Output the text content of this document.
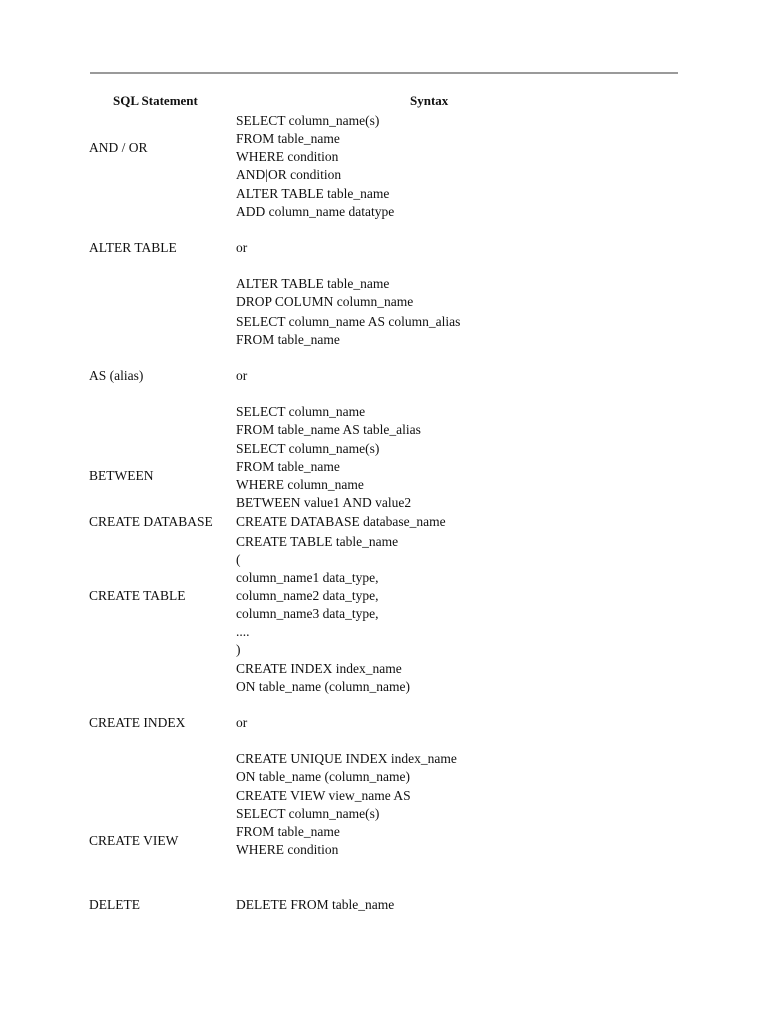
SQL Statement	Syntax
AND / OR
SELECT column_name(s)
FROM table_name
WHERE condition
AND|OR condition
ALTER TABLE
ALTER TABLE table_name
ADD column_name datatype
or
ALTER TABLE table_name
DROP COLUMN column_name
AS (alias)
SELECT column_name AS column_alias
FROM table_name
or
SELECT column_name
FROM table_name AS table_alias
BETWEEN
SELECT column_name(s)
FROM table_name
WHERE column_name
BETWEEN value1 AND value2
CREATE DATABASE CREATE DATABASE database_name
CREATE TABLE
CREATE TABLE table_name
(
column_name1 data_type,
column_name2 data_type,
column_name3 data_type,
....
)
CREATE INDEX
CREATE INDEX index_name
ON table_name (column_name)
or
CREATE UNIQUE INDEX index_name
ON table_name (column_name)
CREATE VIEW
CREATE VIEW view_name AS
SELECT column_name(s)
FROM table_name
WHERE condition
DELETE	DELETE FROM table_name
